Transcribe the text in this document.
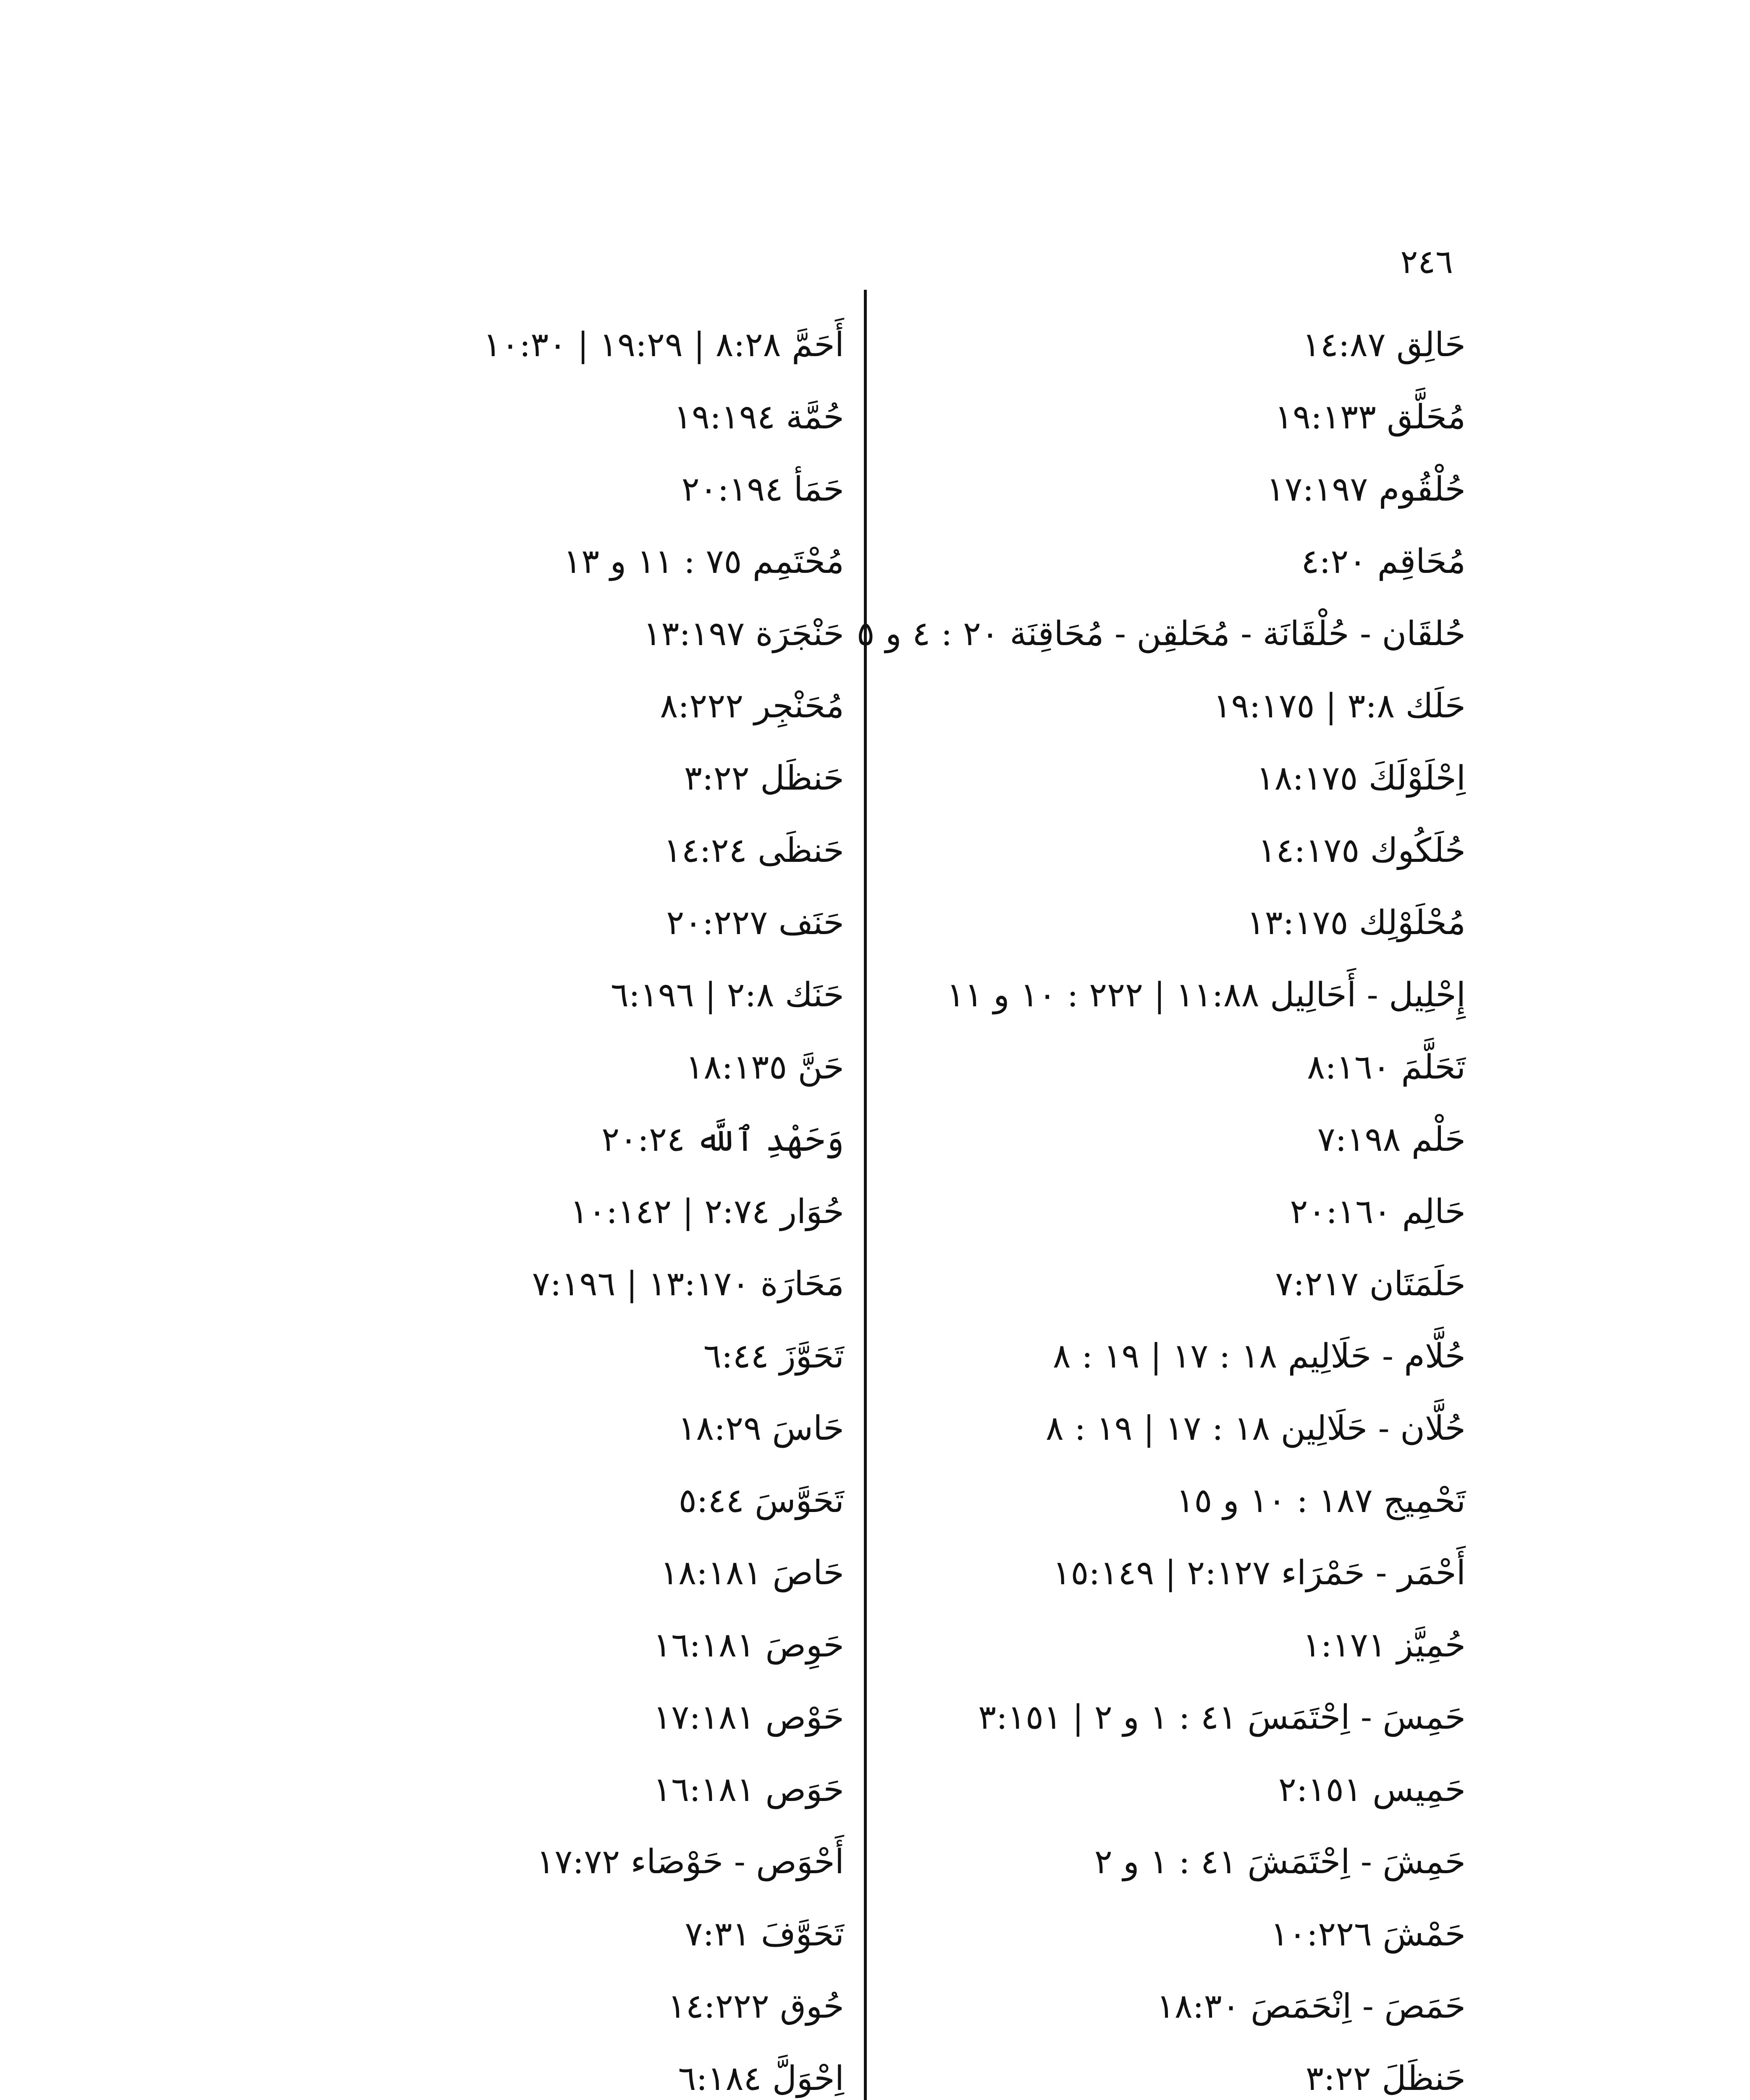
٢٤٦
حَالِق ١٤:٨٧
مُحَلَّق ١٩:١٣٣
حُلْقُوم ١٧:١٩٧
مُحَاقِم ٤:٢٠
حُلقَان - حُلْقَانَة - مُحَلقِن - مُحَاقِنَة ٢٠ : ٤ و ٥
حَلَك ٣:٨ | ١٩:١٧٥
اِحْلَوْلَكَ ١٨:١٧٥
حُلَكُوك ١٤:١٧٥
مُحْلَوْلِك ١٣:١٧٥
إِحْلِيل - أَحَالِيل ١١:٨٨ | ٢٢٢ : ١٠ و ١١
تَحَلَّمَ ٨:١٦٠
حَلْم ٧:١٩٨
حَالِم ٢٠:١٦٠
حَلَمَتَان ٧:٢١٧
حُلَّام - حَلَالِيم ١٨ : ١٧ | ١٩ : ٨
حُلَّان - حَلَالِين ١٨ : ١٧ | ١٩ : ٨
تَحْمِيج ١٨٧ : ١٠ و ١٥
أَحْمَر - حَمْرَاء ٢:١٢٧ | ١٥:١٤٩
حُمِيَّز ١:١٧١
حَمِسَ - اِحْتَمَسَ ٤١ : ١ و ٢ | ٣:١٥١
حَمِيس ٢:١٥١
حَمِشَ - اِحْتَمَشَ ٤١ : ١ و ٢
حَمْشَ ١٠:٢٢٦
حَمَصَ - اِنْحَمَصَ ١٨:٣٠
حَنظَلَ ٣:٢٢
أَحَمَّ ٨:٢٨ | ١٩:٢٩ | ١٠:٣٠
حُمَّة ١٩:١٩٤
حَمَأ ٢٠:١٩٤
مُحْتَمِم ٧٥ : ١١ و ١٣
حَنْجَرَة ١٣:١٩٧
مُحَنْجِر ٨:٢٢٢
حَنظَل ٣:٢٢
حَنظَى ١٤:٢٤
حَنَف ٢٠:٢٢٧
حَنَك ٢:٨ | ٦:١٩٦
حَنَّ ١٨:١٣٥
وَحَهْدِ ٱللَّه ٢٠:٢٤
حُوَار ٢:٧٤ | ١٠:١٤٢
مَحَارَة ١٣:١٧٠ | ٧:١٩٦
تَحَوَّزَ ٦:٤٤
حَاسَ ١٨:٢٩
تَحَوَّسَ ٥:٤٤
حَاصَ ١٨:١٨١
حَوِصَ ١٦:١٨١
حَوْص ١٧:١٨١
حَوَص ١٦:١٨١
أَحْوَص - حَوْصَاء ١٧:٧٢
تَحَوَّفَ ٧:٣١
حُوق ١٤:٢٢٢
اِحْوَلَّ ٦:١٨٤
